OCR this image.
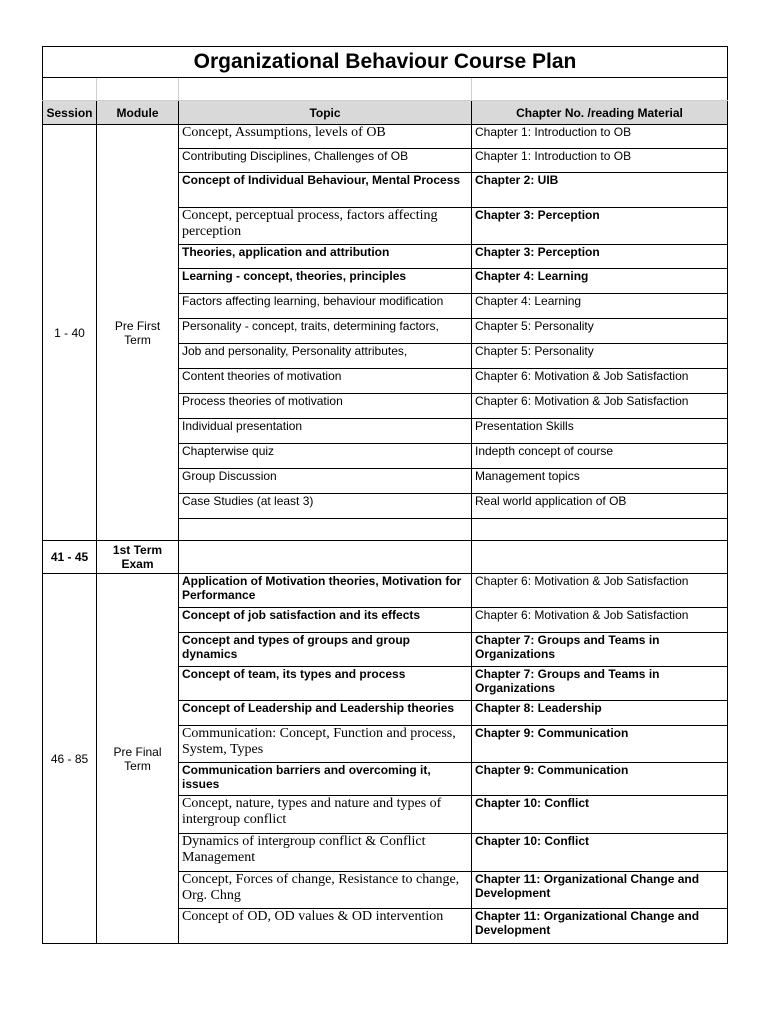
Organizational Behaviour Course Plan			

Session	Module	Topic	Chapter No. /reading Material
1 - 40	Pre First Term	Concept, Assumptions, levels of OB	Chapter 1: Introduction to OB
		Contributing Disciplines, Challenges of OB	Chapter 1: Introduction to OB
		Concept of Individual Behaviour, Mental Process	Chapter 2: UIB
		Concept, perceptual process, factors affecting perception	Chapter 3: Perception
		Theories, application and attribution	Chapter 3: Perception
		Learning - concept, theories, principles	Chapter 4: Learning
		Factors affecting learning, behaviour modification	Chapter 4: Learning
		Personality - concept, traits, determining factors,	Chapter 5: Personality
		Job and personality, Personality attributes,	Chapter 5: Personality
		Content theories of motivation	Chapter 6: Motivation & Job Satisfaction
		Process theories of motivation	Chapter 6: Motivation & Job Satisfaction
		Individual presentation	Presentation Skills
		Chapterwise quiz	Indepth concept of course
		Group Discussion	Management topics
		Case Studies (at least 3)	Real world application of OB

41 - 45	1st Term Exam		
46 - 85	Pre Final Term	Application of Motivation theories, Motivation for Performance	Chapter 6: Motivation & Job Satisfaction
		Concept of job satisfaction and its effects	Chapter 6: Motivation & Job Satisfaction
		Concept and types of groups and group dynamics	Chapter 7: Groups and Teams in Organizations
		Concept of team, its types and process	Chapter 7: Groups and Teams in Organizations
		Concept of Leadership and Leadership theories	Chapter 8: Leadership
		Communication: Concept, Function and process, System, Types	Chapter 9: Communication
		Communication barriers and overcoming it, issues	Chapter 9: Communication
		Concept, nature, types and nature and types of intergroup conflict	Chapter 10: Conflict
		Dynamics of intergroup conflict & Conflict Management	Chapter 10: Conflict
		Concept, Forces of change, Resistance to change, Org. Chng	Chapter 11: Organizational Change and Development
		Concept of OD, OD values & OD intervention	Chapter 11: Organizational Change and Development
